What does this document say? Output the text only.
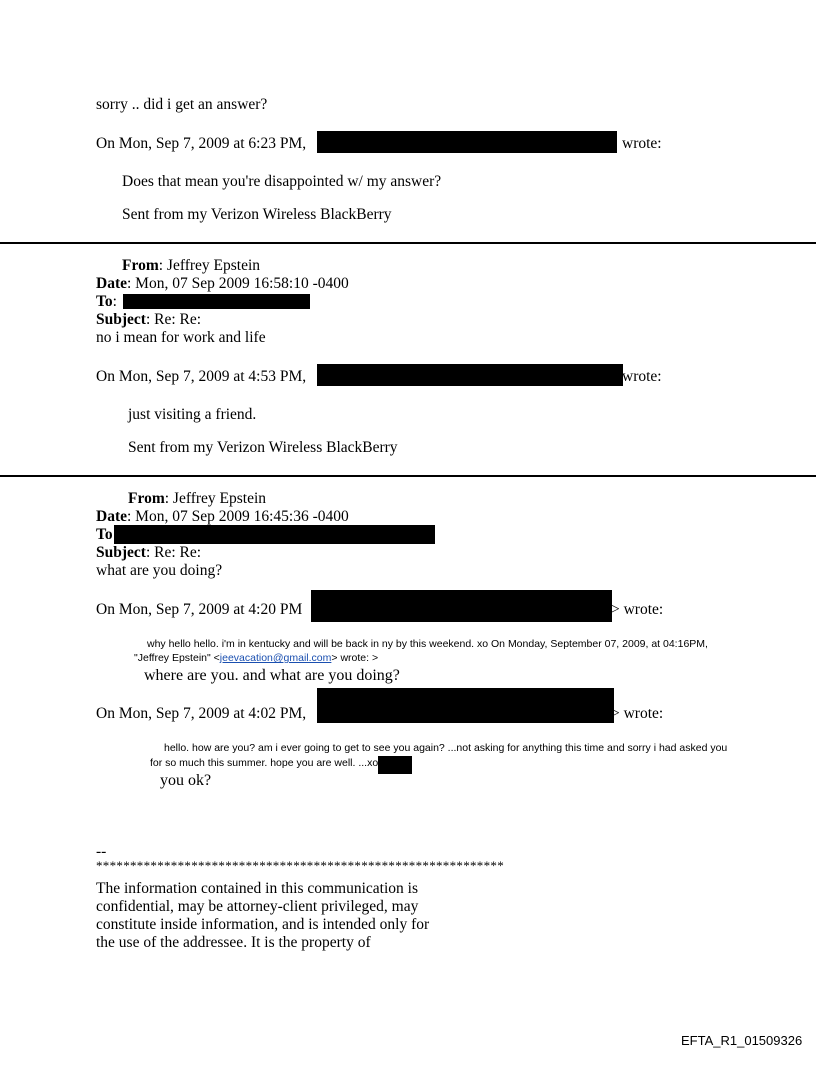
sorry .. did i get an answer?
On Mon, Sep 7, 2009 at 6:23 PM,	wrote:
Does that mean you're disappointed w/ my answer?
Sent from my Verizon Wireless BlackBerry
From: Jeffrey Epstein
Date: Mon, 07 Sep 2009 16:58:10 -0400
To:
Subject: Re: Re:
no i mean for work and life
On Mon, Sep 7, 2009 at 4:53 PM,	wrote:
just visiting a friend.
Sent from my Verizon Wireless BlackBerry
From: Jeffrey Epstein
Date: Mon, 07 Sep 2009 16:45:36 -0400
To
Subject: Re: Re:
what are you doing?
On Mon, Sep 7, 2009 at 4:20 PM	> wrote:
why hello hello. i'm in kentucky and will be back in ny by this weekend. xo On Monday, September 07, 2009, at 04:16PM,
"Jeffrey Epstein" <jeevacation@gmail.com> wrote: >
where are you. and what are you doing?
On Mon, Sep 7, 2009 at 4:02 PM,	> wrote:
hello. how are you? am i ever going to get to see you again? ...not asking for anything this time and sorry i had asked you
for so much this summer. hope you are well. ...xo
you ok?
--
************************************************************
The information contained in this communication is
confidential, may be attorney-client privileged, may
constitute inside information, and is intended only for
the use of the addressee. It is the property of
EFTA_R1_01509326
